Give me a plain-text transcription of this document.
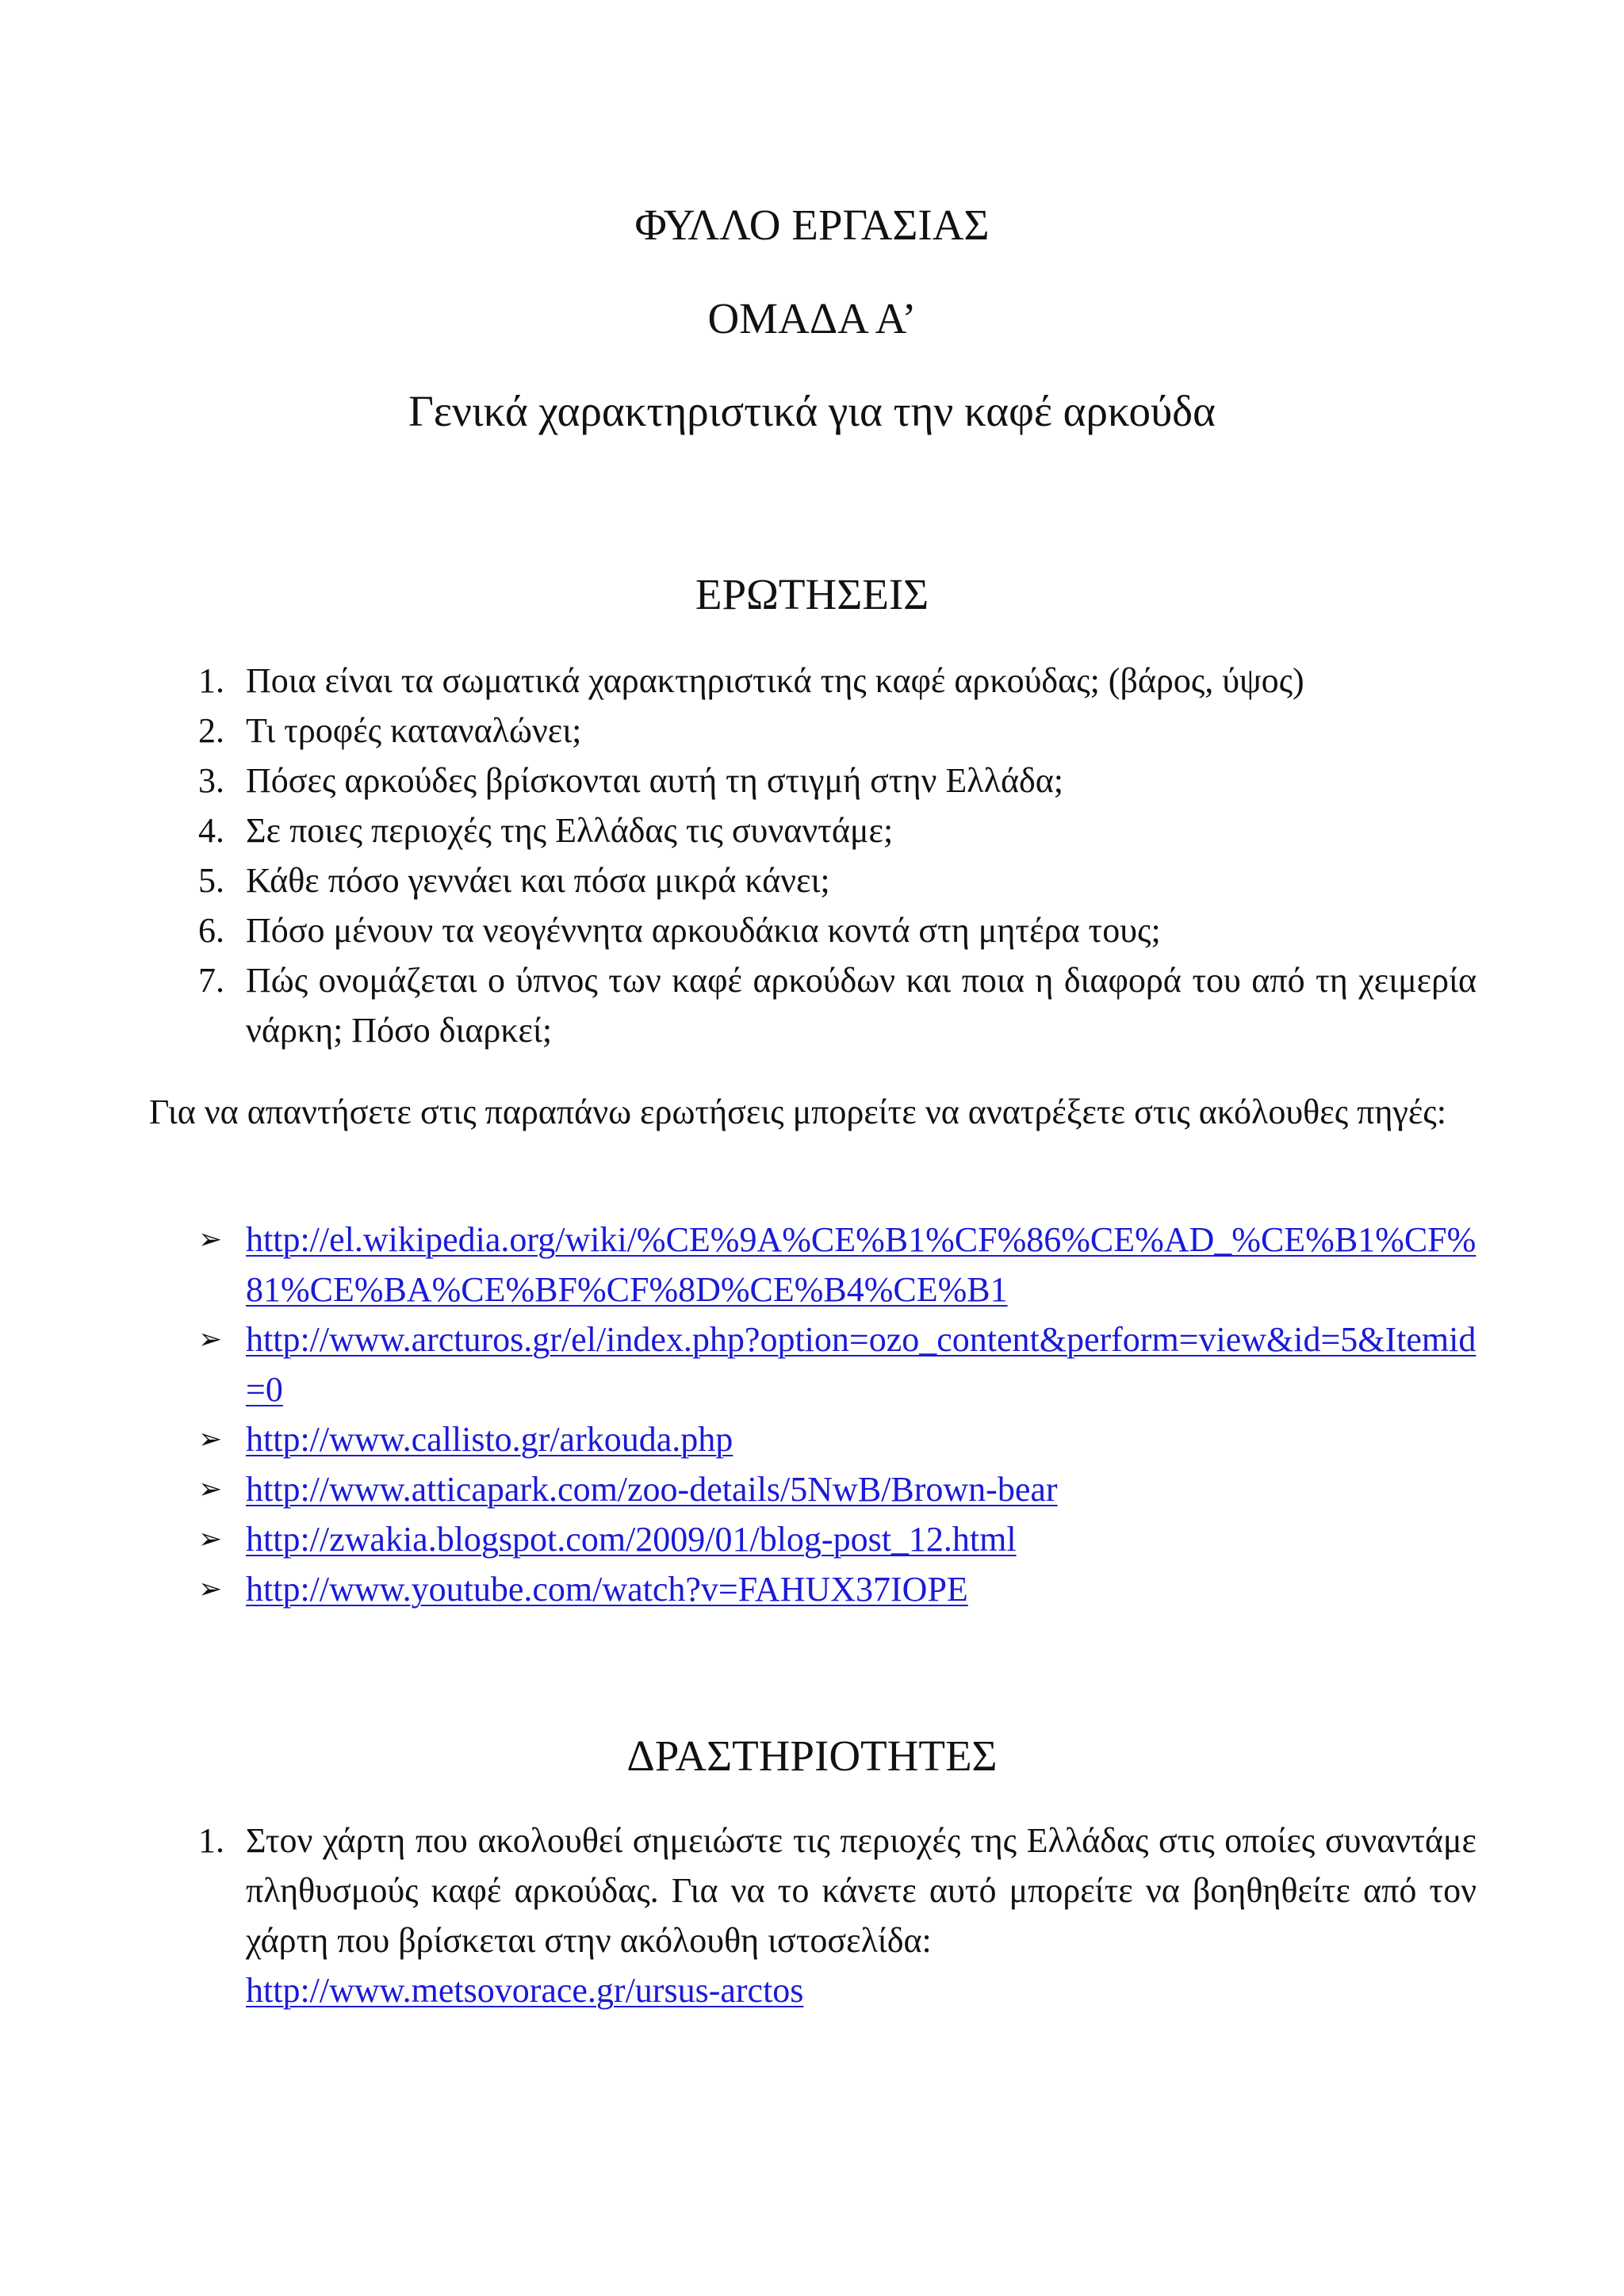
ΦΥΛΛΟ ΕΡΓΑΣΙΑΣ
ΟΜΑΔΑ Α’
Γενικά χαρακτηριστικά για την καφέ αρκούδα
ΕΡΩΤΗΣΕΙΣ
1. Ποια είναι τα σωματικά χαρακτηριστικά της καφέ αρκούδας; (βάρος, ύψος)
2. Τι τροφές καταναλώνει;
3. Πόσες αρκούδες βρίσκονται αυτή τη στιγμή στην Ελλάδα;
4. Σε ποιες περιοχές της Ελλάδας τις συναντάμε;
5. Κάθε πόσο γεννάει και πόσα μικρά κάνει;
6. Πόσο μένουν τα νεογέννητα αρκουδάκια κοντά στη μητέρα τους;
7. Πώς ονομάζεται ο ύπνος των καφέ αρκούδων και ποια η διαφορά του από τη χειμερία νάρκη; Πόσο διαρκεί;
Για να απαντήσετε στις παραπάνω ερωτήσεις μπορείτε να ανατρέξετε στις ακόλουθες πηγές:
➢ http://el.wikipedia.org/wiki/%CE%9A%CE%B1%CF%86%CE%AD_%CE%B1%CF%81%CE%BA%CE%BF%CF%8D%CE%B4%CE%B1
➢ http://www.arcturos.gr/el/index.php?option=ozo_content&perform=view&id=5&Itemid=0
➢ http://www.callisto.gr/arkouda.php
➢ http://www.atticapark.com/zoo-details/5NwB/Brown-bear
➢ http://zwakia.blogspot.com/2009/01/blog-post_12.html
➢ http://www.youtube.com/watch?v=FAHUX37IOPE
ΔΡΑΣΤΗΡΙΟΤΗΤΕΣ
1. Στον χάρτη που ακολουθεί σημειώστε τις περιοχές της Ελλάδας στις οποίες συναντάμε πληθυσμούς καφέ αρκούδας. Για να το κάνετε αυτό μπορείτε να βοηθηθείτε από τον χάρτη που βρίσκεται στην ακόλουθη ιστοσελίδα:
http://www.metsovorace.gr/ursus-arctos
